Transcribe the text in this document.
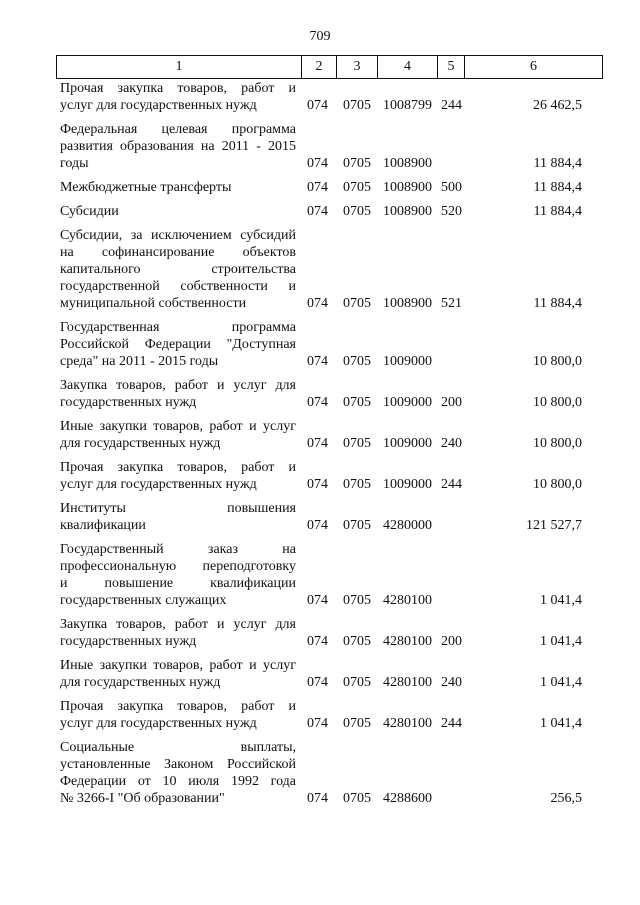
709
1	2	3	4	5	6
Прочая закупка товаров, работ и
услуг для государственных нужд	074 0705 1008799 244	26 462,5
Федеральная целевая программа
развития образования на 2011 - 2015
годы	074 0705 1008900	11 884,4
Межбюджетные трансферты	074 0705 1008900 500	11 884,4
Субсидии	074 0705 1008900 520	11 884,4
Субсидии, за исключением субсидий
на софинансирование объектов
капитального строительства
государственной собственности и
муниципальной собственности	074 0705 1008900 521	11 884,4
Государственная программа
Российской Федерации "Доступная
среда" на 2011 - 2015 годы	074 0705 1009000	10 800,0
Закупка товаров, работ и услуг для
государственных нужд	074 0705 1009000 200	10 800,0
Иные закупки товаров, работ и услуг
для государственных нужд	074 0705 1009000 240	10 800,0
Прочая закупка товаров, работ и
услуг для государственных нужд	074 0705 1009000 244	10 800,0
Институты повышения
квалификации	074 0705 4280000	121 527,7
Государственный заказ на
профессиональную переподготовку
и повышение квалификации
государственных служащих	074 0705 4280100	1 041,4
Закупка товаров, работ и услуг для
государственных нужд	074 0705 4280100 200	1 041,4
Иные закупки товаров, работ и услуг
для государственных нужд	074 0705 4280100 240	1 041,4
Прочая закупка товаров, работ и
услуг для государственных нужд	074 0705 4280100 244	1 041,4
Социальные выплаты,
установленные Законом Российской
Федерации от 10 июля 1992 года
№ 3266-I "Об образовании"	074 0705 4288600	256,5
